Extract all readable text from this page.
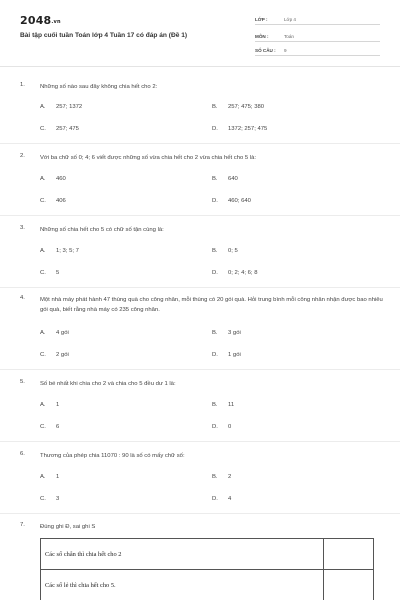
2048.vn
Bài tập cuối tuần Toán lớp 4 Tuần 17 có đáp án (Đề 1)
LỚP :	Lớp 4
MÔN :	Toán
SỐ CÂU : 9
1.	Những số nào sau đây không chia hết cho 2:
A. 257; 1372	B. 257; 475; 380
C. 257; 475	D. 1372; 257; 475
2.	Với ba chữ số 0; 4; 6 viết được những số vừa chia hết cho 2 vừa chia hết cho 5 là:
A. 460	B. 640
C. 406	D. 460; 640
3.	Những số chia hết cho 5 có chữ số tận cùng là:
A. 1; 3; 5; 7	B. 0; 5
C. 5	D. 0; 2; 4; 6; 8
4.	Một nhà máy phát hành 47 thùng quà cho công nhân, mỗi thùng có 20 gói quà. Hỏi trung bình mỗi công nhân nhận được bao nhiêu gói quà, biết rằng nhà máy có 235 công nhân.
A. 4 gói	B. 3 gói
C. 2 gói	D. 1 gói
5.	Số bé nhất khi chia cho 2 và chia cho 5 đều dư 1 là:
A. 1	B. 11
C. 6	D. 0
6.	Thương của phép chia 11070 : 90 là số có mấy chữ số:
A. 1	B. 2
C. 3	D. 4
7.	Đúng ghi Đ, sai ghi S
Các số chẵn thì chia hết cho 2	
Các số lẻ thì chia hết cho 5.	
